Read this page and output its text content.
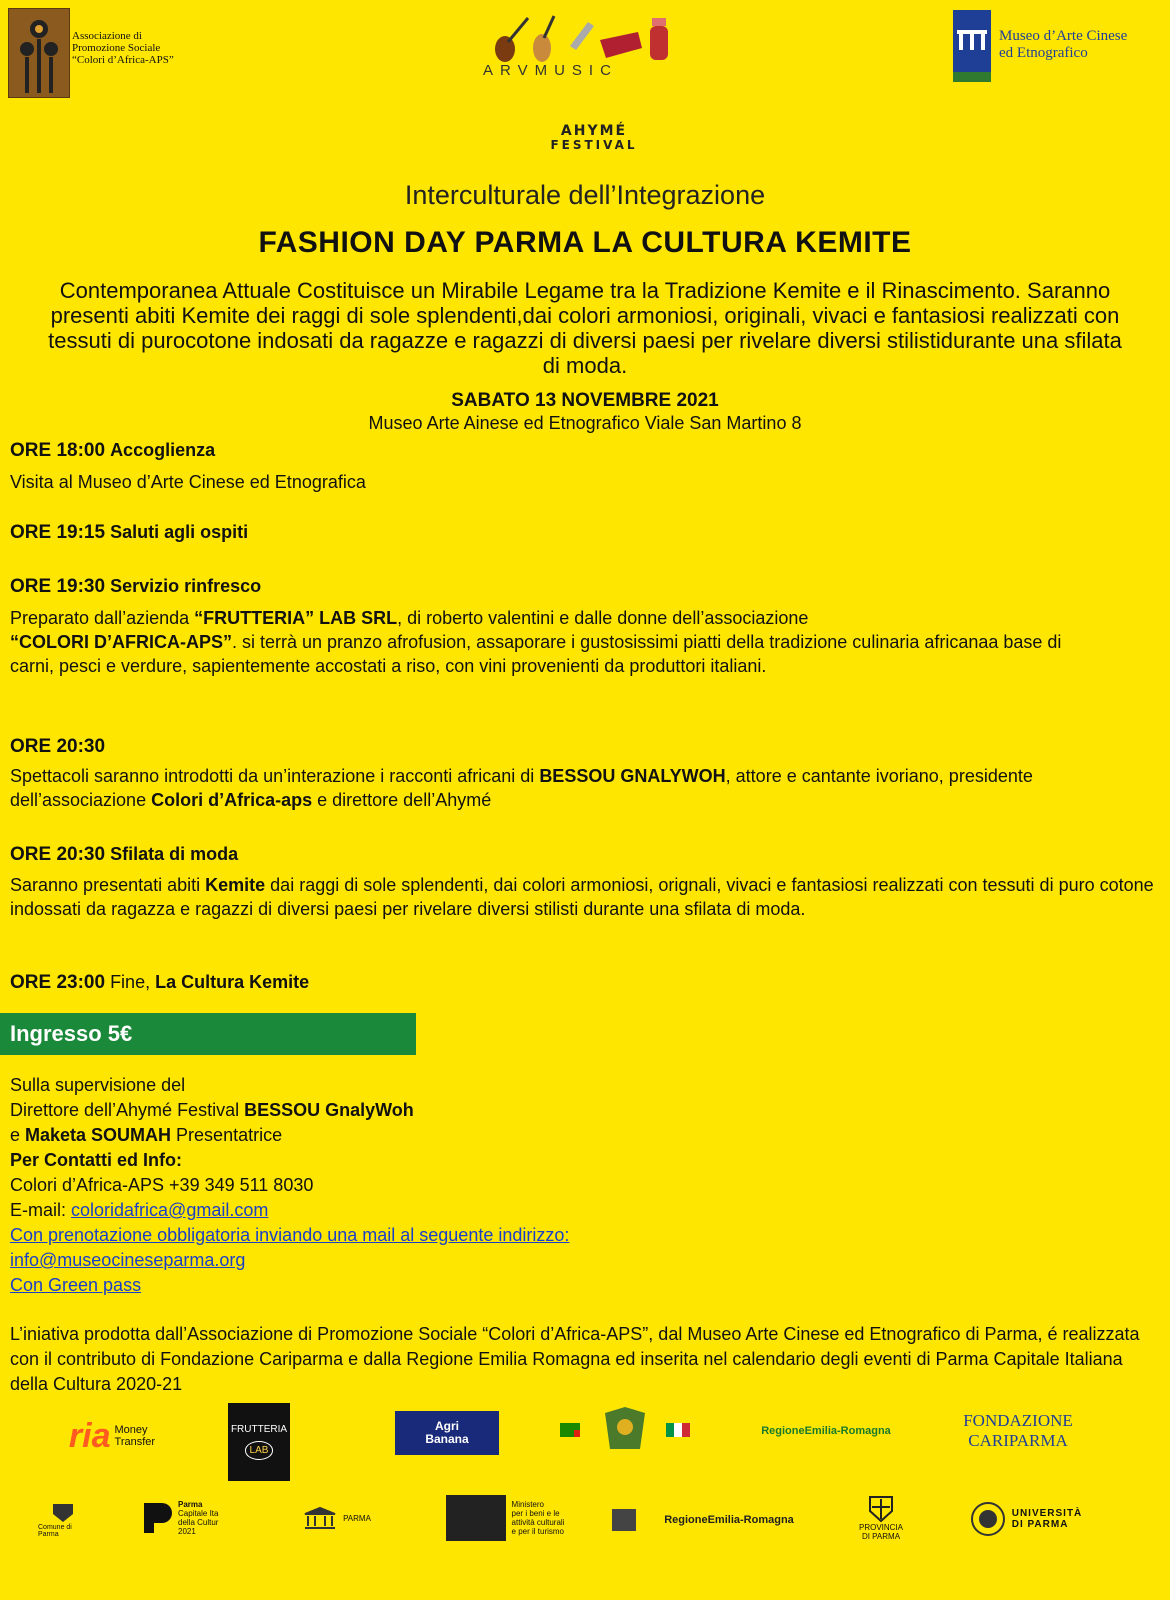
Associazione di
Promozione Sociale
“Colori d’Africa-APS”
ARVMUSIC
Museo d’Arte Cinese
ed Etnografico
AHYMÉ
FESTIVAL
Interculturale dell’Integrazione
FASHION DAY PARMA LA CULTURA KEMITE
Contemporanea Attuale Costituisce un Mirabile Legame tra la Tradizione Kemite e il Rinascimento. Saranno presenti abiti Kemite dei raggi di sole splendenti,dai colori armoniosi, originali, vivaci e fantasiosi realizzati con tessuti di purocotone indosati da ragazze e ragazzi di diversi paesi per rivelare diversi stilistidurante una sfilata di moda.
SABATO 13 NOVEMBRE 2021
Museo Arte Ainese ed Etnografico Viale San Martino 8
ORE 18:00 Accoglienza
Visita al Museo d’Arte Cinese ed Etnografica
ORE 19:15 Saluti agli ospiti
ORE 19:30 Servizio rinfresco
Preparato dall’azienda “FRUTTERIA” LAB SRL, di roberto valentini e dalle donne dell’associazione
“COLORI D’AFRICA-APS”. si terrà un pranzo afrofusion, assaporare i gustosissimi piatti della tradizione culinaria africanaa base di carni, pesci e verdure, sapientemente accostati a riso, con vini provenienti da produttori italiani.
ORE 20:30
Spettacoli saranno introdotti da un’interazione i racconti africani di BESSOU GNALYWOH, attore e cantante ivoriano, presidente dell’associazione Colori d’Africa-aps e direttore dell’Ahymé
ORE 20:30 Sfilata di moda
Saranno presentati abiti Kemite dai raggi di sole splendenti, dai colori armoniosi, orignali, vivaci e fantasiosi realizzati con tessuti di puro cotone indossati da ragazza e ragazzi di diversi paesi per rivelare diversi stilisti durante una sfilata di moda.
ORE 23:00 Fine, La Cultura Kemite
Ingresso 5€
Sulla supervisione del
Direttore dell’Ahymé Festival BESSOU GnalyWoh
e Maketa SOUMAH Presentatrice
Per Contatti ed Info:
Colori d’Africa-APS +39 349 511 8030
E-mail: coloridafrica@gmail.com
Con prenotazione obbligatoria inviando una mail al seguente indirizzo:
info@museocineseparma.org
Con Green pass
L’iniativa prodotta dall’Associazione di Promozione Sociale “Colori d’Africa-APS”, dal Museo Arte Cinese ed Etnografico di Parma, é realizzata con il contributo di Fondazione Cariparma e dalla Regione Emilia Romagna ed inserita nel calendario degli eventi di Parma Capitale Italiana della Cultura 2020-21
ria Money
Transfer
FRUTTERIA
LAB
Agri
Banana
RegioneEmilia-Romagna
FONDAZIONE
CARIPARMA
Comune di Parma
Parma
Capitale Ita
della Cultur
2021
PARMA
Ministero
per i beni e le
attività culturali
e per il turismo
RegioneEmilia-Romagna
PROVINCIA
DI PARMA
UNIVERSITÀ
DI PARMA
